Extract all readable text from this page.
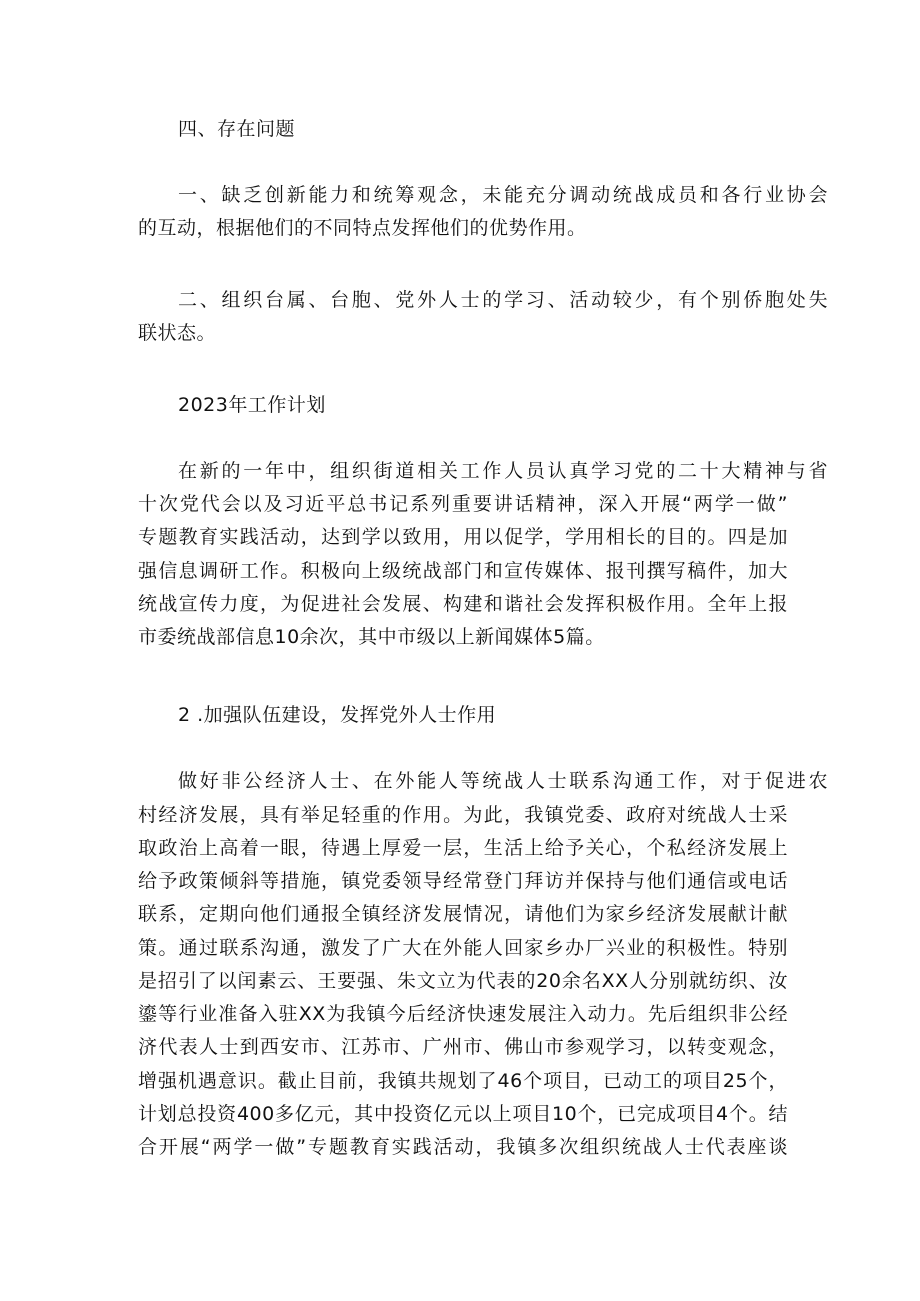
四、存在问题
一、缺乏创新能力和统筹观念，未能充分调动统战成员和各行业协会
的互动，根据他们的不同特点发挥他们的优势作用。
二、组织台属、台胞、党外人士的学习、活动较少，有个别侨胞处失
联状态。
2023年工作计划
在新的一年中，组织街道相关工作人员认真学习党的二十大精神与省
十次党代会以及习近平总书记系列重要讲话精神，深入开展“两学一做”
专题教育实践活动，达到学以致用，用以促学，学用相长的目的。四是加
强信息调研工作。积极向上级统战部门和宣传媒体、报刊撰写稿件，加大
统战宣传力度，为促进社会发展、构建和谐社会发挥积极作用。全年上报
市委统战部信息10余次，其中市级以上新闻媒体5篇。
2 .加强队伍建设，发挥党外人士作用
做好非公经济人士、在外能人等统战人士联系沟通工作，对于促进农
村经济发展，具有举足轻重的作用。为此，我镇党委、政府对统战人士采
取政治上高着一眼，待遇上厚爱一层，生活上给予关心，个私经济发展上
给予政策倾斜等措施，镇党委领导经常登门拜访并保持与他们通信或电话
联系，定期向他们通报全镇经济发展情况，请他们为家乡经济发展献计献
策。通过联系沟通，激发了广大在外能人回家乡办厂兴业的积极性。特别
是招引了以闰素云、王要强、朱文立为代表的20余名XX人分别就纺织、汝
鎏等行业准备入驻XX为我镇今后经济快速发展注入动力。先后组织非公经
济代表人士到西安市、江苏市、广州市、佛山市参观学习，以转变观念，
增强机遇意识。截止目前，我镇共规划了46个项目，已动工的项目25个，
计划总投资400多亿元，其中投资亿元以上项目10个，已完成项目4个。结
合开展“两学一做”专题教育实践活动，我镇多次组织统战人士代表座谈
